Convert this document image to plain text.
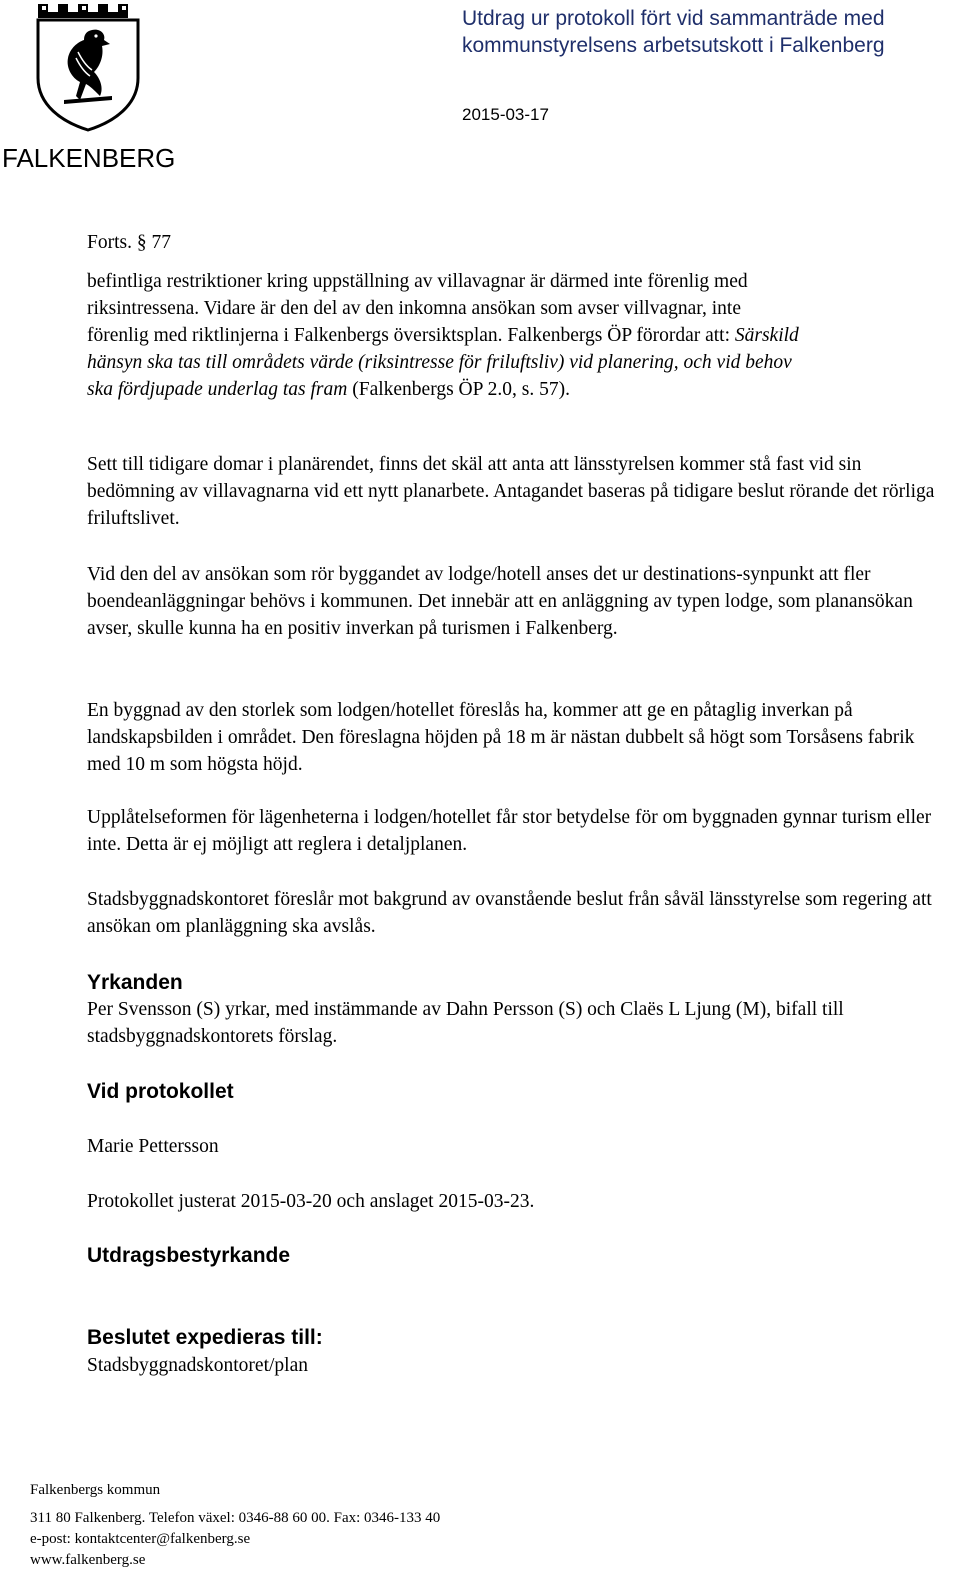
FALKENBERG
Utdrag ur protokoll fört vid sammanträde med
kommunstyrelsens arbetsutskott i Falkenberg
2015-03-17

Forts. § 77

befintliga restriktioner kring uppställning av villavagnar är därmed inte förenlig med
riksintressena. Vidare är den del av den inkomna ansökan som avser villvagnar, inte
förenlig med riktlinjerna i Falkenbergs översiktsplan. Falkenbergs ÖP förordar att: Särskild
hänsyn ska tas till områdets värde (riksintresse för friluftsliv) vid planering, och vid behov
ska fördjupade underlag tas fram (Falkenbergs ÖP 2.0, s. 57).

Sett till tidigare domar i planärendet, finns det skäl att anta att länsstyrelsen kommer stå fast vid sin bedömning av villavagnarna vid ett nytt planarbete. Antagandet baseras på tidigare beslut rörande det rörliga friluftslivet.

Vid den del av ansökan som rör byggandet av lodge/hotell anses det ur destinations-synpunkt att fler boendeanläggningar behövs i kommunen. Det innebär att en anläggning av typen lodge, som planansökan avser, skulle kunna ha en positiv inverkan på turismen i Falkenberg.

En byggnad av den storlek som lodgen/hotellet föreslås ha, kommer att ge en påtaglig inverkan på landskapsbilden i området. Den föreslagna höjden på 18 m är nästan dubbelt så högt som Torsåsens fabrik med 10 m som högsta höjd.

Upplåtelseformen för lägenheterna i lodgen/hotellet får stor betydelse för om byggnaden gynnar turism eller inte. Detta är ej möjligt att reglera i detaljplanen.

Stadsbyggnadskontoret föreslår mot bakgrund av ovanstående beslut från såväl länsstyrelse som regering att ansökan om planläggning ska avslås.

Yrkanden

Per Svensson (S) yrkar, med instämmande av Dahn Persson (S) och Claës L Ljung (M), bifall till stadsbyggnadskontorets förslag.

Vid protokollet

Marie Pettersson

Protokollet justerat 2015-03-20 och anslaget 2015-03-23.

Utdragsbestyrkande
Beslutet expedieras till:

Stadsbyggnadskontoret/plan

Falkenbergs kommun
311 80 Falkenberg. Telefon växel: 0346-88 60 00. Fax: 0346-133 40
e-post: kontaktcenter@falkenberg.se
www.falkenberg.se
